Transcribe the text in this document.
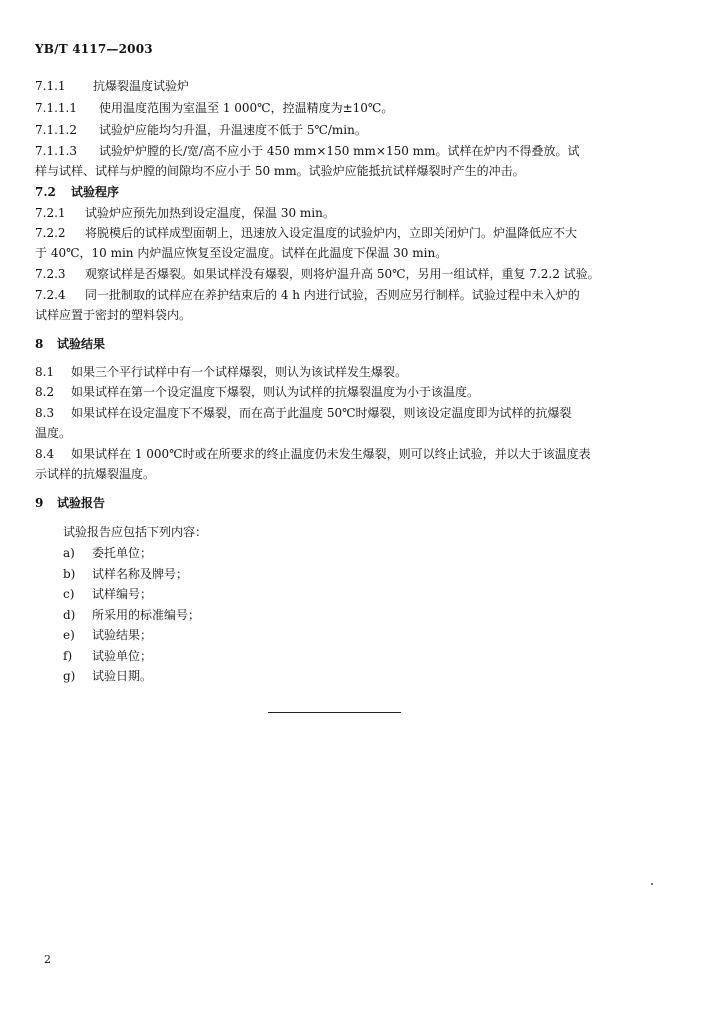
YB/T 4117—2003
7.1.1 抗爆裂温度试验炉
7.1.1.1 使用温度范围为室温至 1 000℃，控温精度为±10℃。
7.1.1.2 试验炉应能均匀升温，升温速度不低于 5℃/min。
7.1.1.3 试验炉炉膛的长/宽/高不应小于 450 mm×150 mm×150 mm。试样在炉内不得叠放。试
样与试样、试样与炉膛的间隙均不应小于 50 mm。试验炉应能抵抗试样爆裂时产生的冲击。
7.2 试验程序
7.2.1 试验炉应预先加热到设定温度，保温 30 min。
7.2.2 将脱模后的试样成型面朝上，迅速放入设定温度的试验炉内，立即关闭炉门。炉温降低应不大
于 40℃，10 min 内炉温应恢复至设定温度。试样在此温度下保温 30 min。
7.2.3 观察试样是否爆裂。如果试样没有爆裂，则将炉温升高 50℃，另用一组试样，重复 7.2.2 试验。
7.2.4 同一批制取的试样应在养护结束后的 4 h 内进行试验，否则应另行制样。试验过程中未入炉的
试样应置于密封的塑料袋内。
8 试验结果
8.1 如果三个平行试样中有一个试样爆裂，则认为该试样发生爆裂。
8.2 如果试样在第一个设定温度下爆裂，则认为试样的抗爆裂温度为小于该温度。
8.3 如果试样在设定温度下不爆裂，而在高于此温度 50℃时爆裂，则该设定温度即为试样的抗爆裂
温度。
8.4 如果试样在 1 000℃时或在所要求的终止温度仍未发生爆裂，则可以终止试验，并以大于该温度表
示试样的抗爆裂温度。
9 试验报告
试验报告应包括下列内容：
a) 委托单位；
b) 试样名称及牌号；
c) 试样编号；
d) 所采用的标准编号；
e) 试验结果；
f) 试验单位；
g) 试验日期。
2
